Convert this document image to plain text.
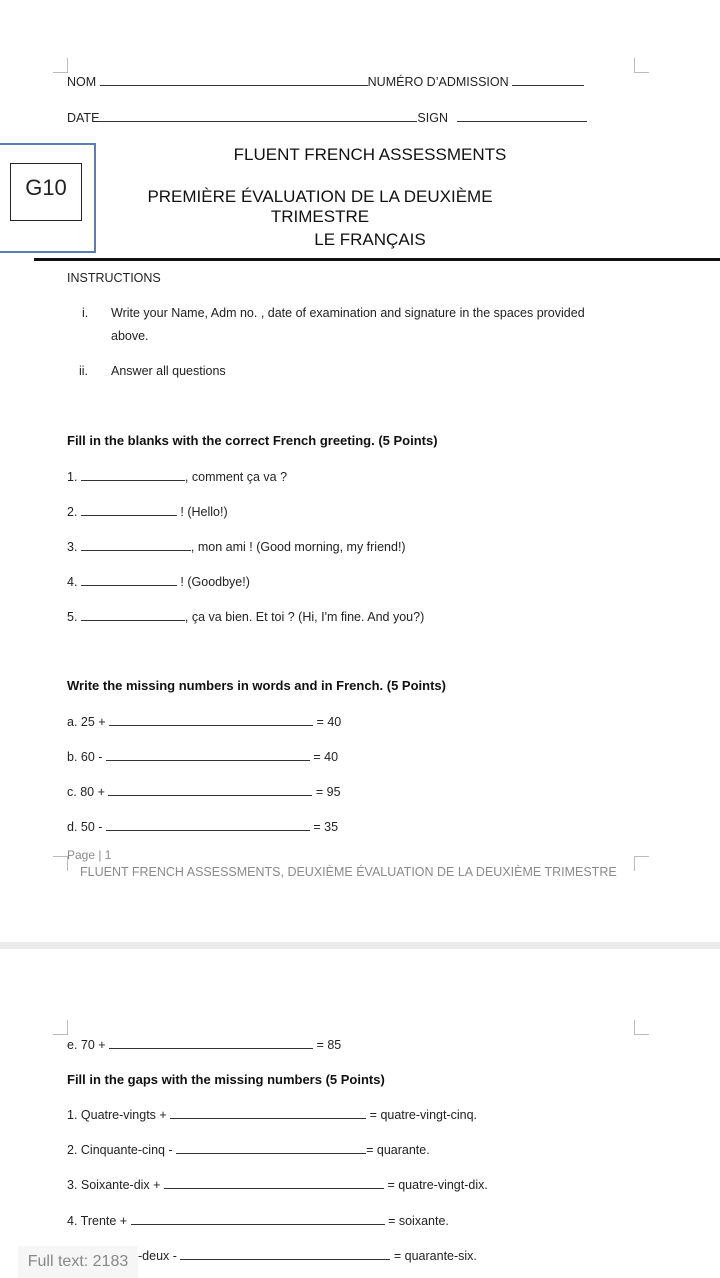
NOM	NUMÉRO D’ADMISSION
DATE	SIGN
G10
FLUENT FRENCH ASSESSMENTS
PREMIÈRE ÉVALUATION DE LA DEUXIÈME TRIMESTRE
LE FRANÇAIS
INSTRUCTIONS
i. Write your Name, Adm no. , date of examination and signature in the spaces provided
above.
ii. Answer all questions
Fill in the blanks with the correct French greeting. (5 Points)
1.	, comment ça va ?
2.	! (Hello!)
3.	, mon ami ! (Good morning, my friend!)
4.	! (Goodbye!)
5.	, ça va bien. Et toi ? (Hi, I'm fine. And you?)
Write the missing numbers in words and in French. (5 Points)
a. 25 +	= 40
b. 60 -	= 40
c. 80 +	= 95
d. 50 -	= 35
Page | 1
FLUENT FRENCH ASSESSMENTS, DEUXIÈME ÉVALUATION DE LA DEUXIÈME TRIMESTRE
e. 70 +	= 85
Fill in the gaps with the missing numbers (5 Points)
1. Quatre-vingts +	= quatre-vingt-cinq.
2. Cinquante-cinq -	= quarante.
3. Soixante-dix +	= quatre-vingt-dix.
4. Trente +	= soixante.
-deux -	= quarante-six.
Full text: 2183
